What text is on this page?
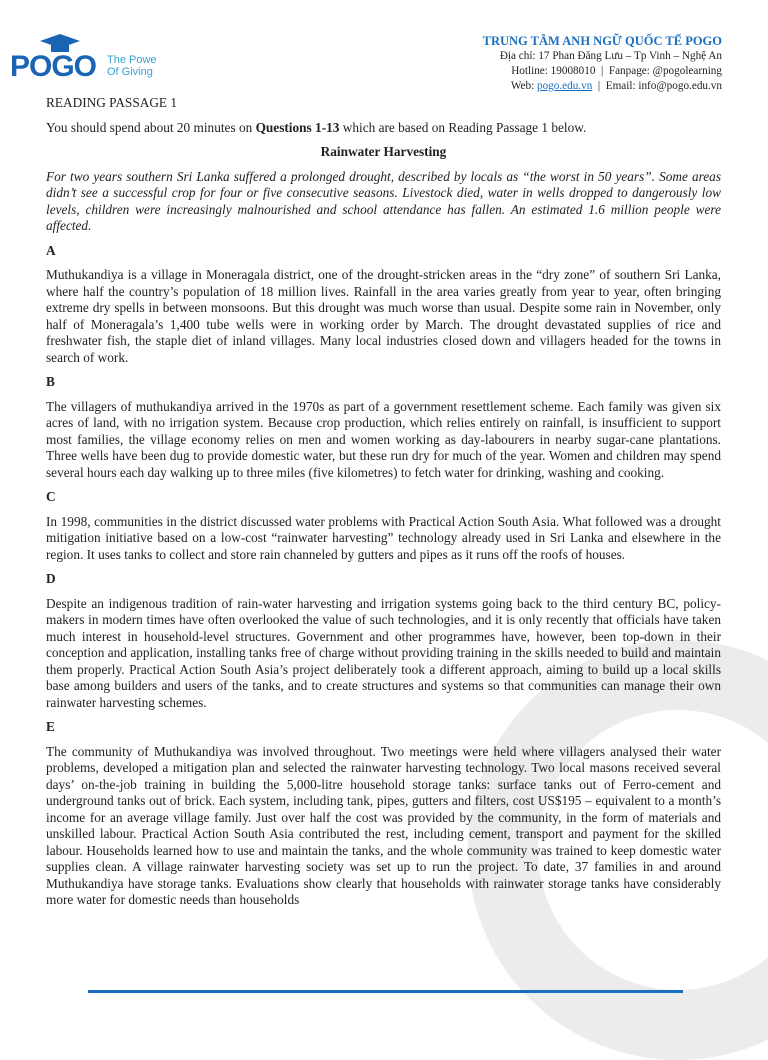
POGO The Powe
Of Giving
TRUNG TÂM ANH NGỮ QUỐC TẾ POGO
Địa chỉ: 17 Phan Đăng Lưu – Tp Vinh – Nghệ An
Hotline: 19008010 | Fanpage: @pogolearning
Web: pogo.edu.vn | Email: info@pogo.edu.vn

READING PASSAGE 1

You should spend about 20 minutes on Questions 1-13 which are based on Reading Passage 1 below.

Rainwater Harvesting

For two years southern Sri Lanka suffered a prolonged drought, described by locals as “the worst in 50 years”. Some areas didn’t see a successful crop for four or five consecutive seasons. Livestock died, water in wells dropped to dangerously low levels, children were increasingly malnourished and school attendance has fallen. An estimated 1.6 million people were affected.

A

Muthukandiya is a village in Moneragala district, one of the drought-stricken areas in the “dry zone” of southern Sri Lanka, where half the country’s population of 18 million lives. Rainfall in the area varies greatly from year to year, often bringing extreme dry spells in between monsoons. But this drought was much worse than usual. Despite some rain in November, only half of Moneragala’s 1,400 tube wells were in working order by March. The drought devastated supplies of rice and freshwater fish, the staple diet of inland villages. Many local industries closed down and villagers headed for the towns in search of work.

B

The villagers of muthukandiya arrived in the 1970s as part of a government resettlement scheme. Each family was given six acres of land, with no irrigation system. Because crop production, which relies entirely on rainfall, is insufficient to support most families, the village economy relies on men and women working as day-labourers in nearby sugar-cane plantations. Three wells have been dug to provide domestic water, but these run dry for much of the year. Women and children may spend several hours each day walking up to three miles (five kilometres) to fetch water for drinking, washing and cooking.

C

In 1998, communities in the district discussed water problems with Practical Action South Asia. What followed was a drought mitigation initiative based on a low-cost “rainwater harvesting” technology already used in Sri Lanka and elsewhere in the region. It uses tanks to collect and store rain channeled by gutters and pipes as it runs off the roofs of houses.

D

Despite an indigenous tradition of rain-water harvesting and irrigation systems going back to the third century BC, policy-makers in modern times have often overlooked the value of such technologies, and it is only recently that officials have taken much interest in household-level structures. Government and other programmes have, however, been top-down in their conception and application, installing tanks free of charge without providing training in the skills needed to build and maintain them properly. Practical Action South Asia’s project deliberately took a different approach, aiming to build up a local skills base among builders and users of the tanks, and to create structures and systems so that communities can manage their own rainwater harvesting schemes.

E

The community of Muthukandiya was involved throughout. Two meetings were held where villagers analysed their water problems, developed a mitigation plan and selected the rainwater harvesting technology. Two local masons received several days’ on-the-job training in building the 5,000-litre household storage tanks: surface tanks out of Ferro-cement and underground tanks out of brick. Each system, including tank, pipes, gutters and filters, cost US$195 – equivalent to a month’s income for an average village family. Just over half the cost was provided by the community, in the form of materials and unskilled labour. Practical Action South Asia contributed the rest, including cement, transport and payment for the skilled labour. Households learned how to use and maintain the tanks, and the whole community was trained to keep domestic water supplies clean. A village rainwater harvesting society was set up to run the project. To date, 37 families in and around Muthukandiya have storage tanks. Evaluations show clearly that households with rainwater storage tanks have considerably more water for domestic needs than households
